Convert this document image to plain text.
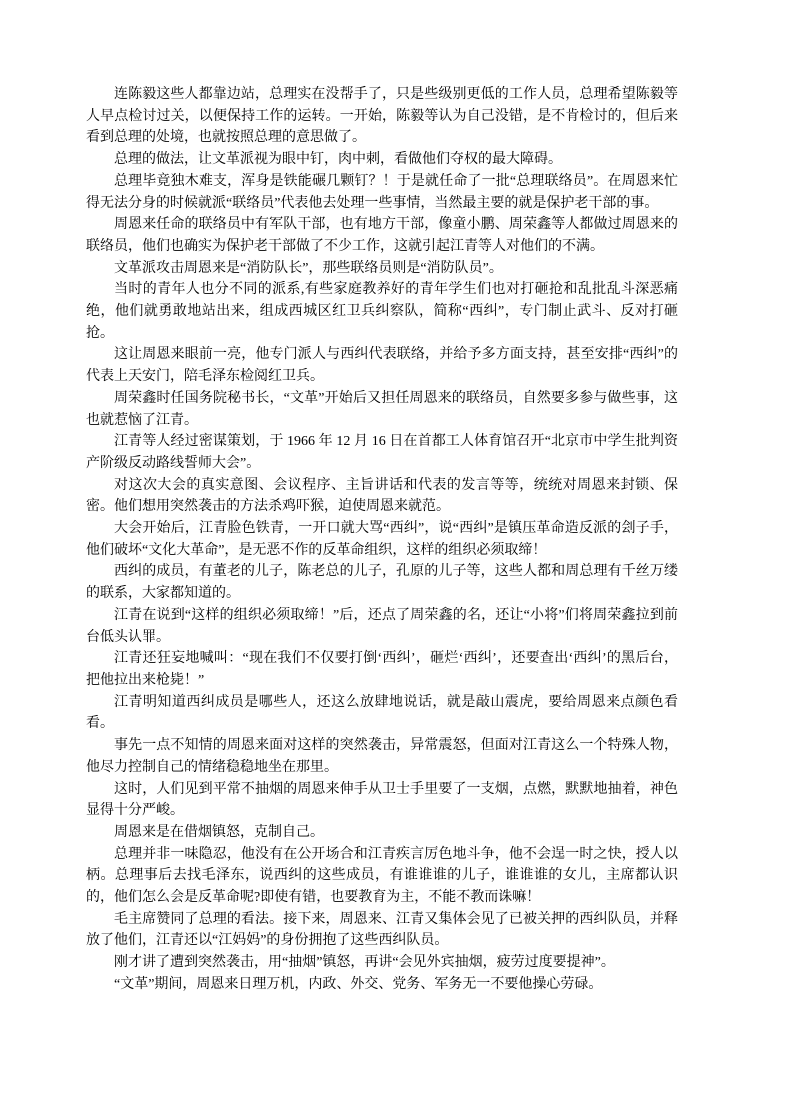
连陈毅这些人都靠边站，总理实在没帮手了，只是些级别更低的工作人员，总理希望陈毅等人早点检讨过关，以便保持工作的运转。一开始，陈毅等认为自己没错，是不肯检讨的，但后来看到总理的处境，也就按照总理的意思做了。

总理的做法，让文革派视为眼中钉，肉中刺，看做他们夺权的最大障碍。

总理毕竟独木难支，浑身是铁能碾几颗钉？！于是就任命了一批“总理联络员”。在周恩来忙得无法分身的时候就派“联络员”代表他去处理一些事情，当然最主要的就是保护老干部的事。

周恩来任命的联络员中有军队干部，也有地方干部，像童小鹏、周荣鑫等人都做过周恩来的联络员，他们也确实为保护老干部做了不少工作，这就引起江青等人对他们的不满。

文革派攻击周恩来是“消防队长”，那些联络员则是“消防队员”。

当时的青年人也分不同的派系,有些家庭教养好的青年学生们也对打砸抢和乱批乱斗深恶痛绝，他们就勇敢地站出来，组成西城区红卫兵纠察队，简称“西纠”，专门制止武斗、反对打砸抢。

这让周恩来眼前一亮，他专门派人与西纠代表联络，并给予多方面支持，甚至安排“西纠”的代表上天安门，陪毛泽东检阅红卫兵。

周荣鑫时任国务院秘书长，“文革”开始后又担任周恩来的联络员，自然要多参与做些事，这也就惹恼了江青。

江青等人经过密谋策划，于 1966 年 12 月 16 日在首都工人体育馆召开“北京市中学生批判资产阶级反动路线誓师大会”。

对这次大会的真实意图、会议程序、主旨讲话和代表的发言等等，统统对周恩来封锁、保密。他们想用突然袭击的方法杀鸡吓猴，迫使周恩来就范。

大会开始后，江青脸色铁青，一开口就大骂“西纠”，说“西纠”是镇压革命造反派的刽子手，他们破坏“文化大革命”，是无恶不作的反革命组织，这样的组织必须取缔！

西纠的成员，有董老的儿子，陈老总的儿子，孔原的儿子等，这些人都和周总理有千丝万缕的联系，大家都知道的。

江青在说到“这样的组织必须取缔！”后，还点了周荣鑫的名，还让“小将”们将周荣鑫拉到前台低头认罪。

江青还狂妄地喊叫：“现在我们不仅要打倒‘西纠’，砸烂‘西纠’，还要查出‘西纠’的黑后台，把他拉出来枪毙！”

江青明知道西纠成员是哪些人，还这么放肆地说话，就是敲山震虎，要给周恩来点颜色看看。

事先一点不知情的周恩来面对这样的突然袭击，异常震怒，但面对江青这么一个特殊人物，他尽力控制自己的情绪稳稳地坐在那里。

这时，人们见到平常不抽烟的周恩来伸手从卫士手里要了一支烟，点燃，默默地抽着，神色显得十分严峻。

周恩来是在借烟镇怒，克制自己。

总理并非一味隐忍，他没有在公开场合和江青疾言厉色地斗争，他不会逞一时之快，授人以柄。总理事后去找毛泽东，说西纠的这些成员，有谁谁谁的儿子，谁谁谁的女儿，主席都认识的，他们怎么会是反革命呢?即使有错，也要教育为主，不能不教而诛嘛！

毛主席赞同了总理的看法。接下来，周恩来、江青又集体会见了已被关押的西纠队员，并释放了他们，江青还以“江妈妈”的身份拥抱了这些西纠队员。

刚才讲了遭到突然袭击，用“抽烟”镇怒，再讲“会见外宾抽烟，疲劳过度要提神”。

“文革”期间，周恩来日理万机，内政、外交、党务、军务无一不要他操心劳碌。
